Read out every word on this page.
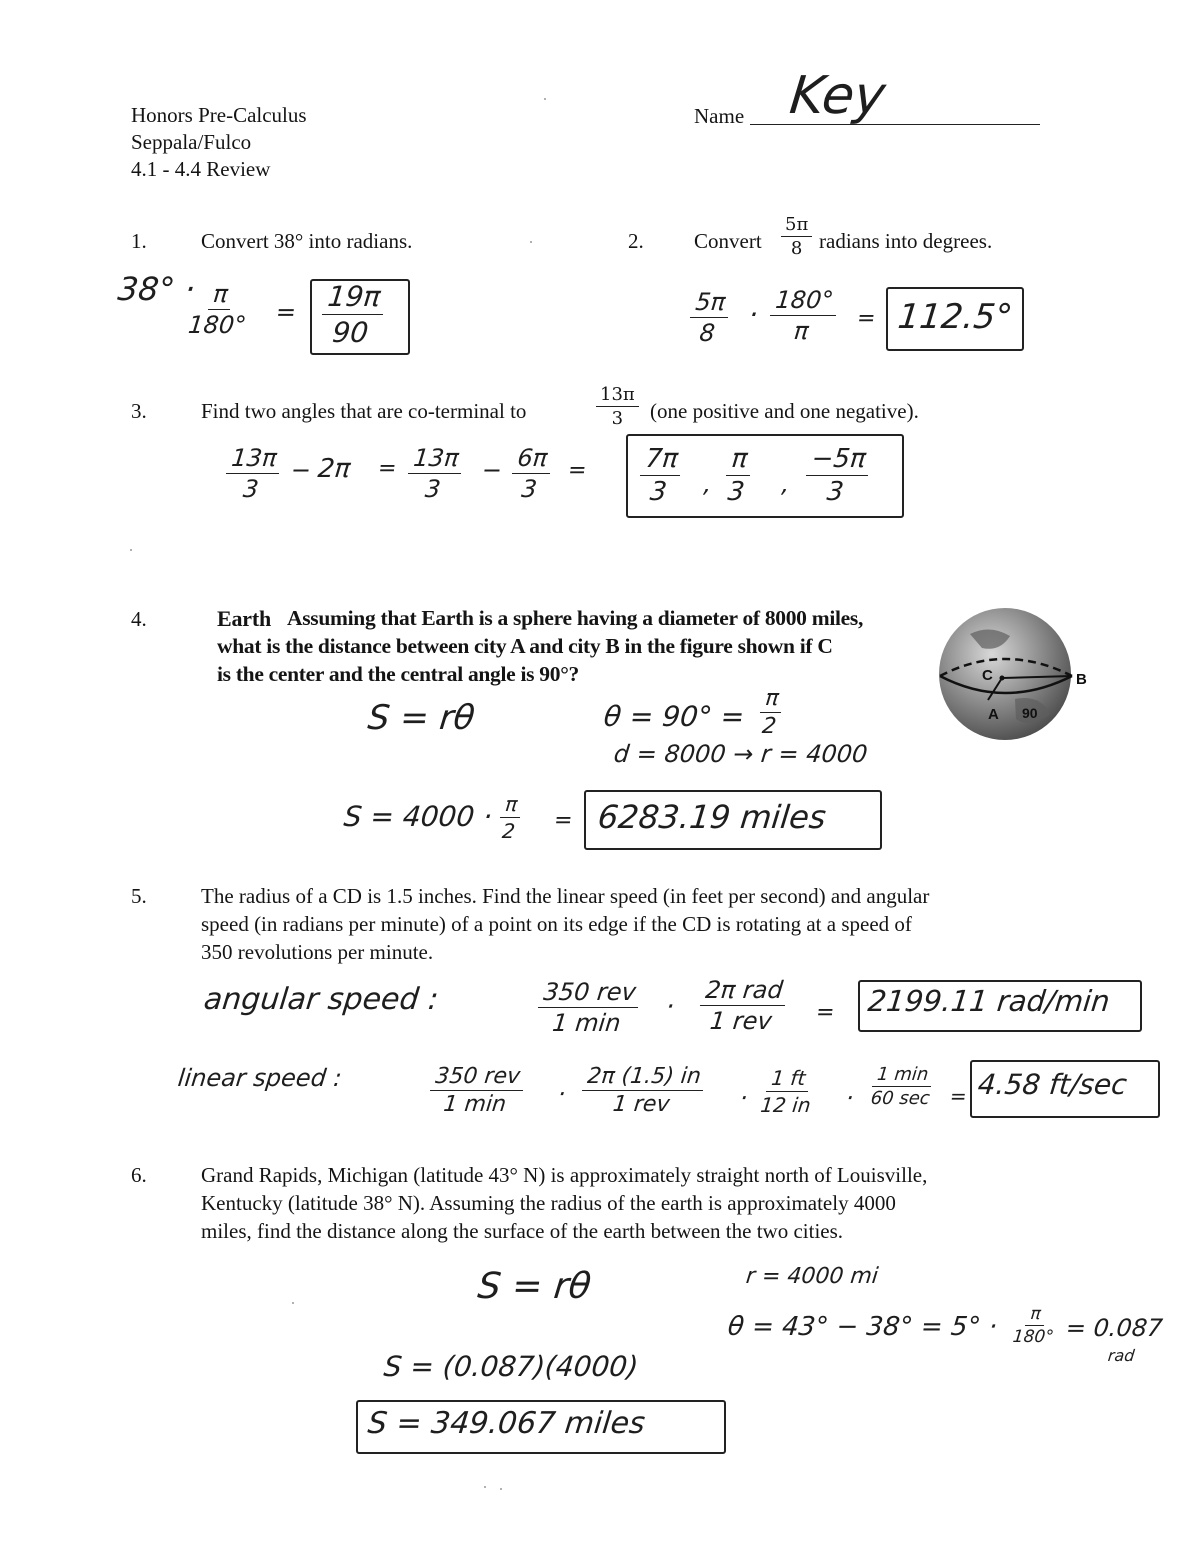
Honors Pre-Calculus
Seppala/Fulco
4.1 - 4.4 Review
Name Key
1.	Convert 38° into radians.
38° ·
$\frac{\pi}{180^\circ} = \frac{19\pi}{90}$
2. Convert $\frac{5\pi}{8}$ radians into degrees.
$\frac{5\pi}{8} \cdot \frac{180^\circ}{\pi} = 112.5^\circ$
3.	Find two angles that are co-terminal to	$\frac{13\pi}{3} (one$ positive and one negative).
$\frac{13\pi}{3} - 2\pi = \frac{13\pi}{3} - \frac{6\pi}{3} = \frac{7\pi}{3}$ , $\frac{\pi}{3}$ , $\frac{-5\pi}{3}$
4.	Earth Assuming that Earth is a sphere having a diameter of 8000 miles,
what is the distance between city A and city B in the figure shown if C
is the center and the central angle is 90°?	C
A
B
90
S = rθ	$\theta = 90^\circ = \frac{\pi}{2}$
d = 8000 → r = 4000
$S = 4000 \cdot \frac{\pi}{2} = 6283.19$ miles
5.	The radius of a CD is 1.5 inches. Find the linear speed (in feet per second) and angular
speed (in radians per minute) of a point on its edge if the CD is rotating at a speed of
350 revolutions per minute.
angular speed :	350 rev
1 min
·
2π rad
1 rev = 2199.11 rad/min
linear speed :	350 rev
1 min ·
2π (1.5) in
1 rev	· $\frac{1 ft}{12 in}$ ·
1 min
60 sec = 4.58 ft/sec
6.	Grand Rapids, Michigan (latitude 43° N) is approximately straight north of Louisville,
Kentucky (latitude 38° N). Assuming the radius of the earth is approximately 4000
miles, find the distance along the surface of the earth between the two cities.
S = rθ	r = 4000 mi
$\theta = 43^\circ - 38^\circ = 5^\circ \cdot \frac{\pi}{180^\circ} = 0.087$
rad
S = (0.087)(4000)
S = 349.067 miles
